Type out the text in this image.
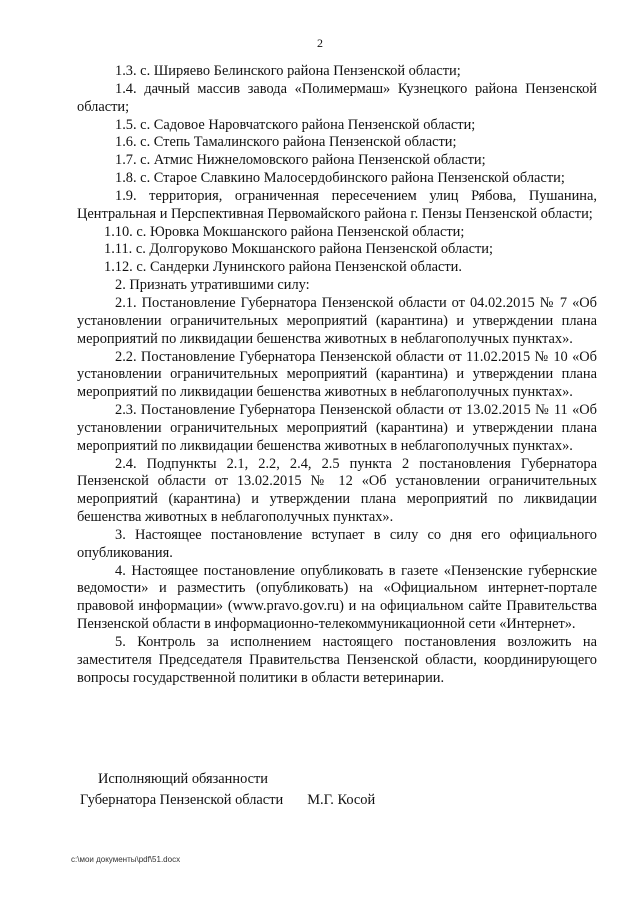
2

1.3. с. Ширяево Белинского района Пензенской области;

1.4. дачный массив завода «Полимермаш» Кузнецкого района Пензенской области;

1.5. с. Садовое Наровчатского района Пензенской области;

1.6. с. Степь Тамалинского района Пензенской области;

1.7. с. Атмис Нижнеломовского района Пензенской области;

1.8. с. Старое Славкино Малосердобинского района Пензенской области;

1.9. территория, ограниченная пересечением улиц Рябова, Пушанина, Центральная и Перспективная Первомайского района г. Пензы Пензенской области;

1.10. с. Юровка Мокшанского района Пензенской области;

1.11. с. Долгоруково Мокшанского района Пензенской области;

1.12. с. Сандерки Лунинского района Пензенской области.

2. Признать утратившими силу:

2.1. Постановление Губернатора Пензенской области от 04.02.2015 № 7 «Об установлении ограничительных мероприятий (карантина) и утверждении плана мероприятий по ликвидации бешенства животных в неблагополучных пунктах».

2.2. Постановление Губернатора Пензенской области от 11.02.2015 № 10 «Об установлении ограничительных мероприятий (карантина) и утверждении плана мероприятий по ликвидации бешенства животных в неблагополучных пунктах».

2.3. Постановление Губернатора Пензенской области от 13.02.2015 № 11 «Об установлении ограничительных мероприятий (карантина) и утверждении плана мероприятий по ликвидации бешенства животных в неблагополучных пунктах».

2.4. Подпункты 2.1, 2.2, 2.4, 2.5 пункта 2 постановления Губернатора Пензенской области от 13.02.2015 № 12 «Об установлении ограничительных мероприятий (карантина) и утверждении плана мероприятий по ликвидации бешенства животных в неблагополучных пунктах».

3. Настоящее постановление вступает в силу со дня его официального опубликования.

4. Настоящее постановление опубликовать в газете «Пензенские губернские ведомости» и разместить (опубликовать) на «Официальном интернет-портале правовой информации» (www.pravo.gov.ru) и на официальном сайте Правительства Пензенской области в информационно-телекоммуникационной сети «Интернет».

5. Контроль за исполнением настоящего постановления возложить на заместителя Председателя Правительства Пензенской области, координирующего вопросы государственной политики в области ветеринарии.

Исполняющий обязанности
Губернатора Пензенской области М.Г. Косой
c:\мои документы\pdf\51.docx
